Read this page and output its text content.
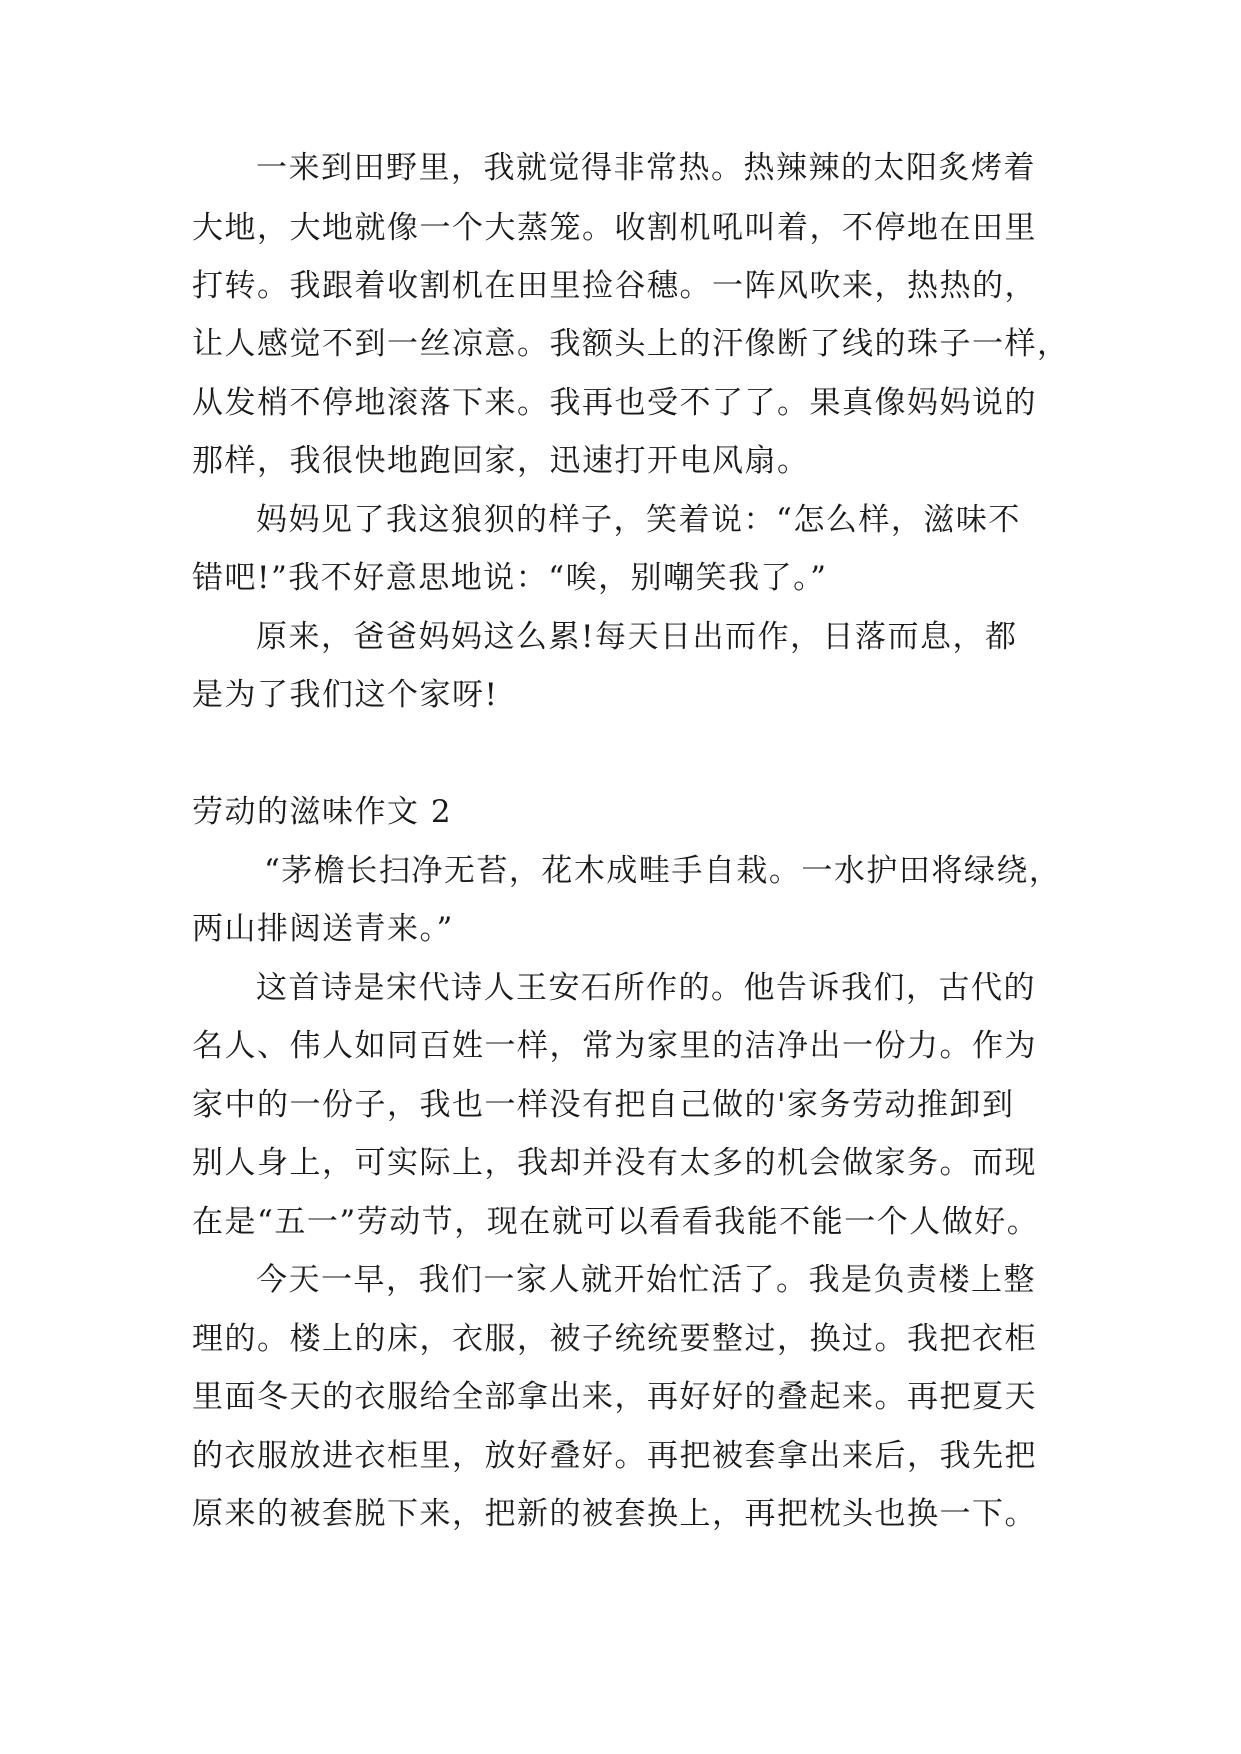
一来到田野里，我就觉得非常热。热辣辣的太阳炙烤着
大地，大地就像一个大蒸笼。收割机吼叫着，不停地在田里
打转。我跟着收割机在田里捡谷穗。一阵风吹来，热热的，
让人感觉不到一丝凉意。我额头上的汗像断了线的珠子一样，
从发梢不停地滚落下来。我再也受不了了。果真像妈妈说的
那样，我很快地跑回家，迅速打开电风扇。
妈妈见了我这狼狈的样子，笑着说：“怎么样，滋味不
错吧!”我不好意思地说：“唉，别嘲笑我了。”
原来，爸爸妈妈这么累!每天日出而作，日落而息，都
是为了我们这个家呀!
劳动的滋味作文 2
“茅檐长扫净无苔，花木成畦手自栽。一水护田将绿绕，
两山排闼送青来。”
这首诗是宋代诗人王安石所作的。他告诉我们，古代的
名人、伟人如同百姓一样，常为家里的洁净出一份力。作为
家中的一份子，我也一样没有把自己做的'家务劳动推卸到
别人身上，可实际上，我却并没有太多的机会做家务。而现
在是“五一”劳动节，现在就可以看看我能不能一个人做好。
今天一早，我们一家人就开始忙活了。我是负责楼上整
理的。楼上的床，衣服，被子统统要整过，换过。我把衣柜
里面冬天的衣服给全部拿出来，再好好的叠起来。再把夏天
的衣服放进衣柜里，放好叠好。再把被套拿出来后，我先把
原来的被套脱下来，把新的被套换上，再把枕头也换一下。
